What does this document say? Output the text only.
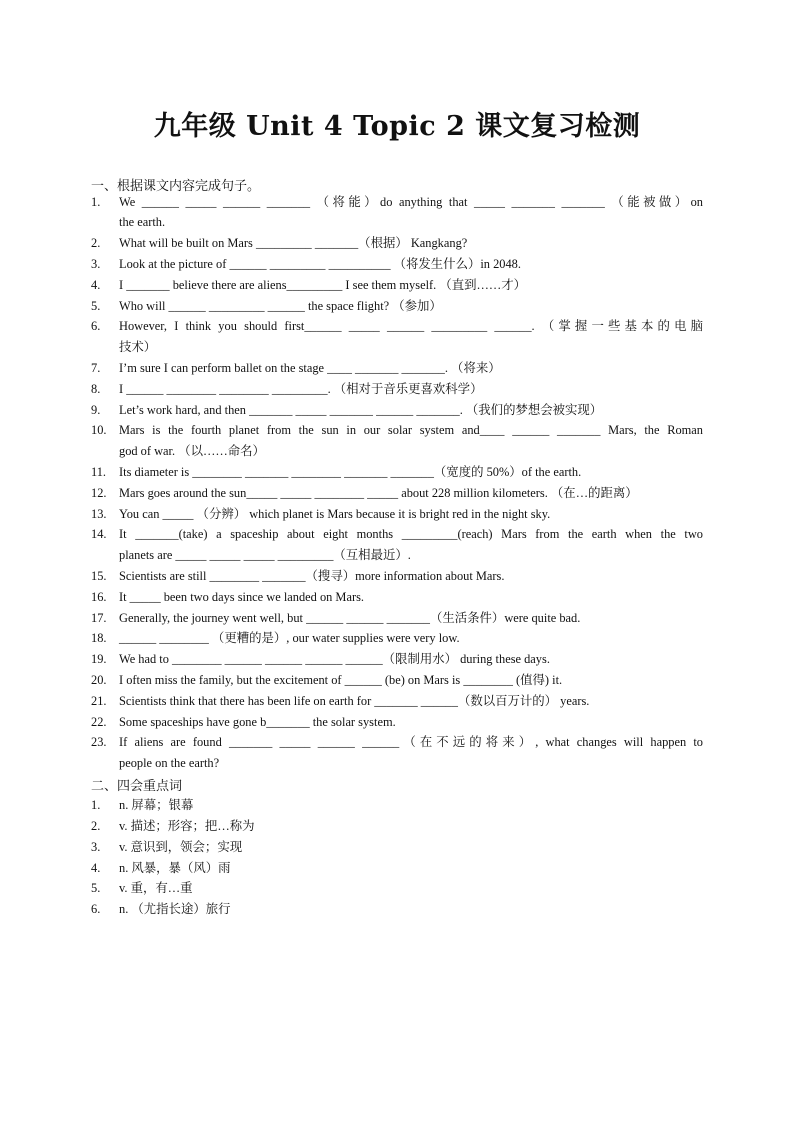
九年级 Unit 4 Topic 2 课文复习检测
一、根据课文内容完成句子。
1.	We ______ _____ ______ _______ （将能）do anything that _____ _______ _______ （能被做）on
the earth.
2.	What will be built on Mars _________ _______（根据） Kangkang?
3.	Look at the picture of ______ _________ __________ （将发生什么）in 2048.
4.	I _______ believe there are aliens_________ I see them myself. （直到……才）
5.	Who will ______ _________ ______ the space flight? （参加）
6.	However, I think you should first______ _____ ______ _________ ______. （掌握一些基本的电脑
技术）
7.	I’m sure I can perform ballet on the stage ____ _______ _______. （将来）
8.	I ______ ________ ________ _________. （相对于音乐更喜欢科学）
9.	Let’s work hard, and then _______ _____ _______ ______ _______. （我们的梦想会被实现）
10.	Mars is the fourth planet from the sun in our solar system and____ ______ _______ Mars, the Roman
god of war. （以……命名）
11.	Its diameter is ________ _______ ________ _______ _______（宽度的 50%）of the earth.
12.	Mars goes around the sun_____ _____ ________ _____ about 228 million kilometers. （在…的距离）
13.	You can _____ （分辨） which planet is Mars because it is bright red in the night sky.
14.	It _______(take) a spaceship about eight months _________(reach) Mars from the earth when the two
planets are _____ _____ _____ _________（互相最近）.
15.	Scientists are still ________ _______（搜寻）more information about Mars.
16.	It _____ been two days since we landed on Mars.
17.	Generally, the journey went well, but ______ ______ _______（生活条件）were quite bad.
18.	______ ________ （更糟的是）, our water supplies were very low.
19.	We had to ________ ______ ______ ______ ______（限制用水） during these days.
20.	I often miss the family, but the excitement of ______ (be) on Mars is ________ (值得) it.
21.	Scientists think that there has been life on earth for _______ ______（数以百万计的） years.
22.	Some spaceships have gone b_______ the solar system.
23.	If aliens are found _______ _____ ______ ______（在不远的将来）, what changes will happen to
people on the earth?
二、四会重点词
1.	n. 屏幕；银幕
2.	v. 描述；形容；把…称为
3.	v. 意识到，领会；实现
4.	n. 风暴，暴（风）雨
5.	v. 重，有…重
6.	n. （尤指长途）旅行
